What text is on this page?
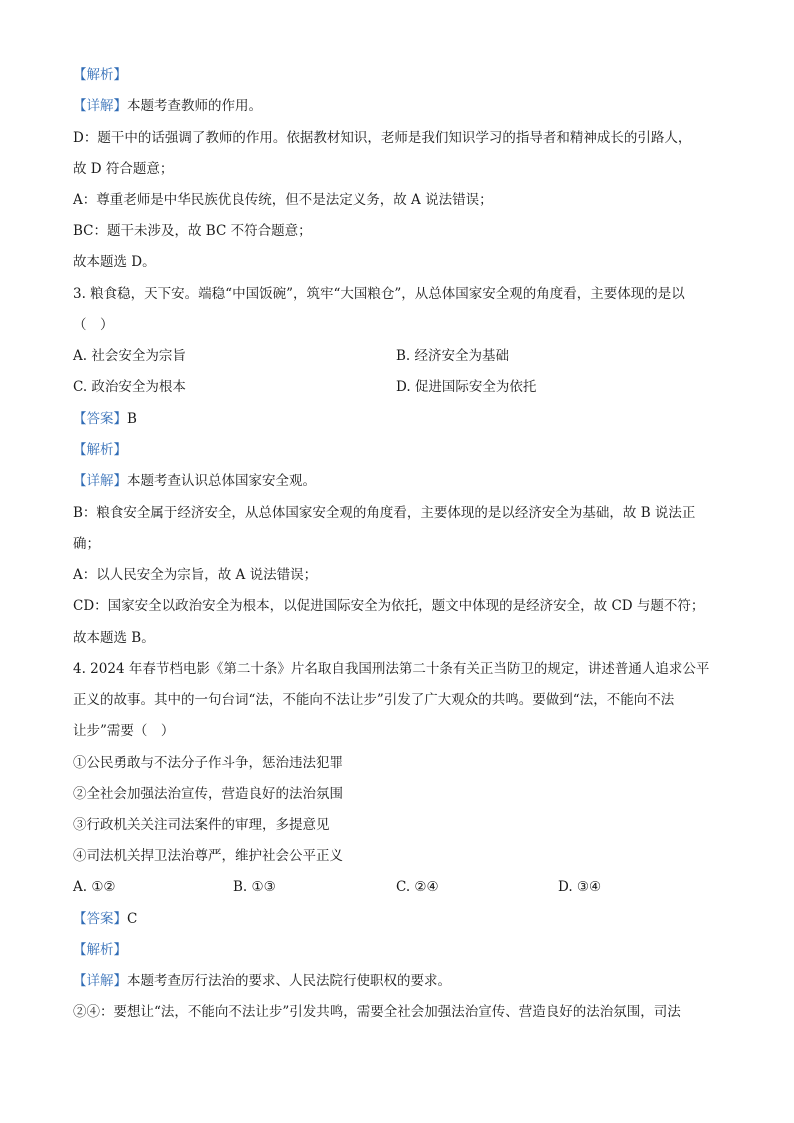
【解析】
【详解】本题考查教师的作用。
D：题干中的话强调了教师的作用。依据教材知识，老师是我们知识学习的指导者和精神成长的引路人，
故 D 符合题意；
A：尊重老师是中华民族优良传统，但不是法定义务，故 A 说法错误；
BC：题干未涉及，故 BC 不符合题意；
故本题选 D。
3. 粮食稳，天下安。端稳“中国饭碗”，筑牢“大国粮仓”，从总体国家安全观的角度看，主要体现的是以
（　）
A. 社会安全为宗旨	B. 经济安全为基础
C. 政治安全为根本	D. 促进国际安全为依托
【答案】B
【解析】
【详解】本题考查认识总体国家安全观。
B：粮食安全属于经济安全，从总体国家安全观的角度看，主要体现的是以经济安全为基础，故 B 说法正
确；
A：以人民安全为宗旨，故 A 说法错误；
CD：国家安全以政治安全为根本，以促进国际安全为依托，题文中体现的是经济安全，故 CD 与题不符；
故本题选 B。
4. 2024 年春节档电影《第二十条》片名取自我国刑法第二十条有关正当防卫的规定，讲述普通人追求公平
正义的故事。其中的一句台词“法，不能向不法让步”引发了广大观众的共鸣。要做到“法，不能向不法
让步”需要（　）
①公民勇敢与不法分子作斗争，惩治违法犯罪
②全社会加强法治宣传，营造良好的法治氛围
③行政机关关注司法案件的审理，多提意见
④司法机关捍卫法治尊严，维护社会公平正义
A. ①②	B. ①③	C. ②④	D. ③④
【答案】C
【解析】
【详解】本题考查厉行法治的要求、人民法院行使职权的要求。
②④：要想让“法，不能向不法让步”引发共鸣，需要全社会加强法治宣传、营造良好的法治氛围，司法
